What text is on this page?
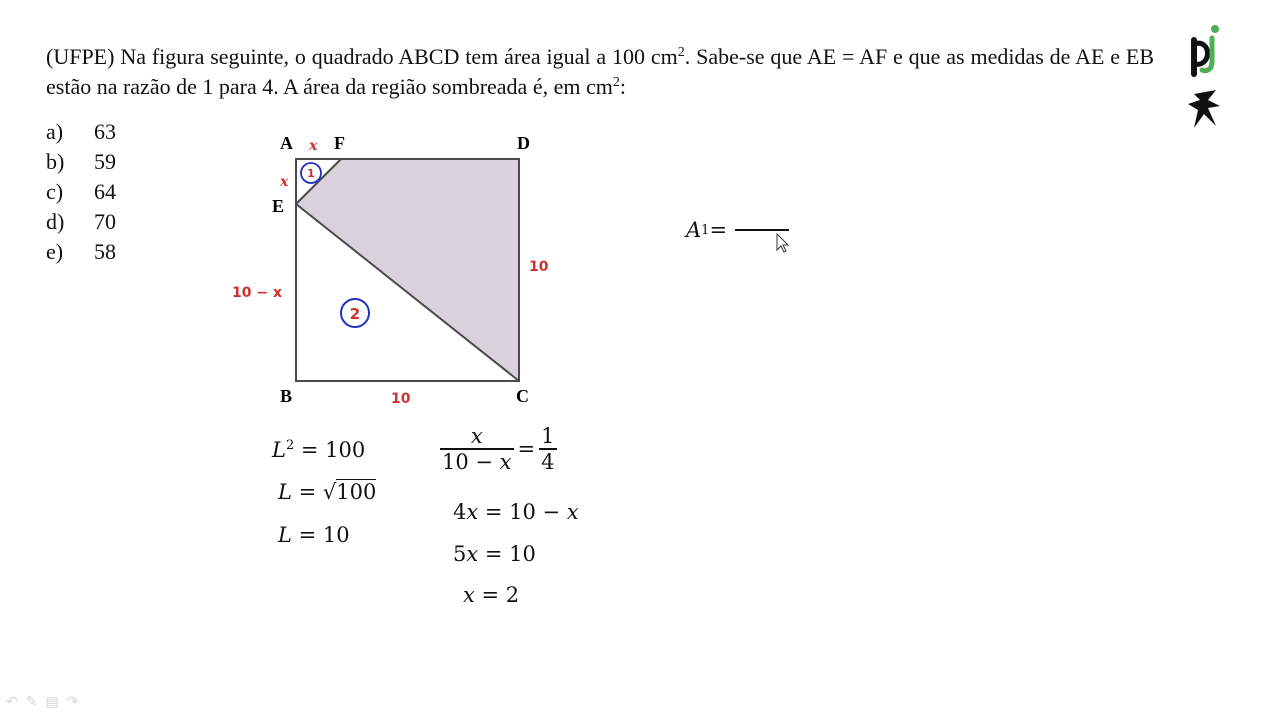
(UFPE) Na figura seguinte, o quadrado ABCD tem área igual a 100 $cm^2$. Sabe-se que AE = AF e que as medidas de AE e EB estão na razão de 1 para 4. A área da região sombreada é, em $cm^2$:
a)	63
b)	59
c)	64
d)	70
e)	58
A F	D
E
B	C
x
x
10 − x
10
10
1
2
$L^2 = 100$
L = √100
L = 10
$\frac{x}{10 - x} = \frac{1}{4}$
4x = 10 − x
5x = 10
x = 2
A 1 =
↶ ✎ ▤ ↷
